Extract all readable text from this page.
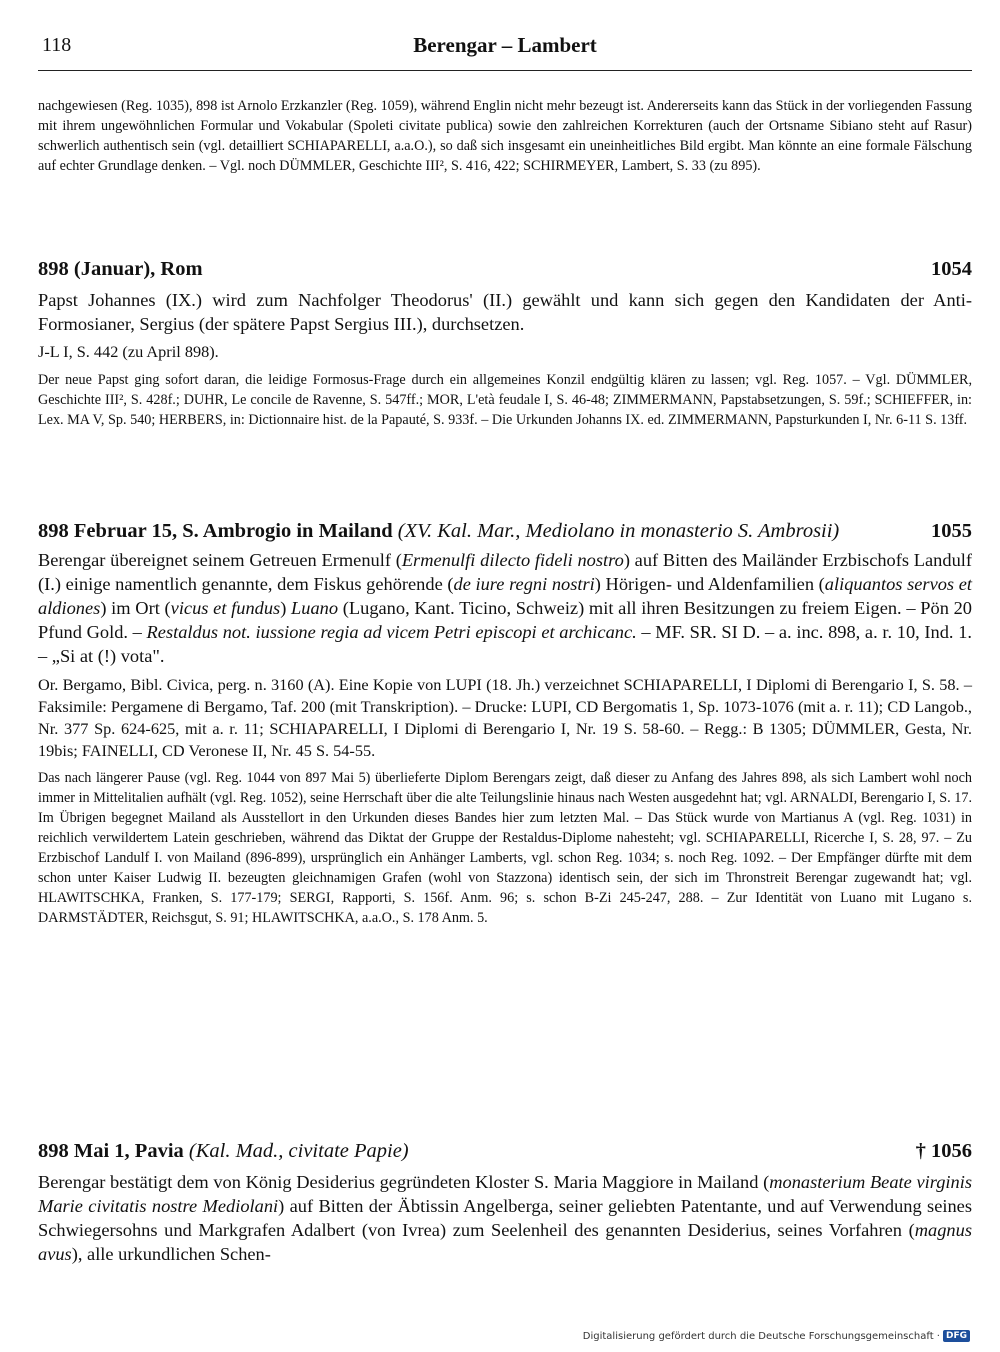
118	Berengar – Lambert

nachgewiesen (Reg. 1035), 898 ist Arnolo Erzkanzler (Reg. 1059), während Englin nicht mehr bezeugt ist. Andererseits kann das Stück in der vorliegenden Fassung mit ihrem ungewöhnlichen Formular und Vokabular (Spoleti civitate publica) sowie den zahlreichen Korrekturen (auch der Ortsname Sibiano steht auf Rasur) schwerlich authentisch sein (vgl. detailliert SCHIAPARELLI, a.a.O.), so daß sich insgesamt ein uneinheitliches Bild ergibt. Man könnte an eine formale Fälschung auf echter Grundlage denken. – Vgl. noch DÜMMLER, Geschichte III², S. 416, 422; SCHIRMEYER, Lambert, S. 33 (zu 895).

898 (Januar), Rom	1054

Papst Johannes (IX.) wird zum Nachfolger Theodorus' (II.) gewählt und kann sich gegen den Kandidaten der Anti-Formosianer, Sergius (der spätere Papst Sergius III.), durchsetzen.

J-L I, S. 442 (zu April 898).

Der neue Papst ging sofort daran, die leidige Formosus-Frage durch ein allgemeines Konzil endgültig klären zu lassen; vgl. Reg. 1057. – Vgl. DÜMMLER, Geschichte III², S. 428f.; DUHR, Le concile de Ravenne, S. 547ff.; MOR, L'età feudale I, S. 46-48; ZIMMERMANN, Papstabsetzungen, S. 59f.; SCHIEFFER, in: Lex. MA V, Sp. 540; HERBERS, in: Dictionnaire hist. de la Papauté, S. 933f. – Die Urkunden Johanns IX. ed. ZIMMERMANN, Papsturkunden I, Nr. 6-11 S. 13ff.

898 Februar 15, S. Ambrogio in Mailand (XV. Kal. Mar., Mediolano in monasterio S. Ambrosii)	1055

Berengar übereignet seinem Getreuen Ermenulf (Ermenulfi dilecto fideli nostro) auf Bitten des Mailänder Erzbischofs Landulf (I.) einige namentlich genannte, dem Fiskus gehörende (de iure regni nostri) Hörigen- und Aldenfamilien (aliquantos servos et aldiones) im Ort (vicus et fundus) Luano (Lugano, Kant. Ticino, Schweiz) mit all ihren Besitzungen zu freiem Eigen. – Pön 20 Pfund Gold. – Restaldus not. iussione regia ad vicem Petri episcopi et archicanc. – MF. SR. SI D. – a. inc. 898, a. r. 10, Ind. 1. – „Si at (!) vota".

Or. Bergamo, Bibl. Civica, perg. n. 3160 (A). Eine Kopie von LUPI (18. Jh.) verzeichnet SCHIAPARELLI, I Diplomi di Berengario I, S. 58. – Faksimile: Pergamene di Bergamo, Taf. 200 (mit Transkription). – Drucke: LUPI, CD Bergomatis 1, Sp. 1073-1076 (mit a. r. 11); CD Langob., Nr. 377 Sp. 624-625, mit a. r. 11; SCHIAPARELLI, I Diplomi di Berengario I, Nr. 19 S. 58-60. – Regg.: B 1305; DÜMMLER, Gesta, Nr. 19bis; FAINELLI, CD Veronese II, Nr. 45 S. 54-55.

Das nach längerer Pause (vgl. Reg. 1044 von 897 Mai 5) überlieferte Diplom Berengars zeigt, daß dieser zu Anfang des Jahres 898, als sich Lambert wohl noch immer in Mittelitalien aufhält (vgl. Reg. 1052), seine Herrschaft über die alte Teilungslinie hinaus nach Westen ausgedehnt hat; vgl. ARNALDI, Berengario I, S. 17. Im Übrigen begegnet Mailand als Ausstellort in den Urkunden dieses Bandes hier zum letzten Mal. – Das Stück wurde von Martianus A (vgl. Reg. 1031) in reichlich verwildertem Latein geschrieben, während das Diktat der Gruppe der Restaldus-Diplome nahesteht; vgl. SCHIAPARELLI, Ricerche I, S. 28, 97. – Zu Erzbischof Landulf I. von Mailand (896-899), ursprünglich ein Anhänger Lamberts, vgl. schon Reg. 1034; s. noch Reg. 1092. – Der Empfänger dürfte mit dem schon unter Kaiser Ludwig II. bezeugten gleichnamigen Grafen (wohl von Stazzona) identisch sein, der sich im Thronstreit Berengar zugewandt hat; vgl. HLAWITSCHKA, Franken, S. 177-179; SERGI, Rapporti, S. 156f. Anm. 96; s. schon B-Zi 245-247, 288. – Zur Identität von Luano mit Lugano s. DARMSTÄDTER, Reichsgut, S. 91; HLAWITSCHKA, a.a.O., S. 178 Anm. 5.

898 Mai 1, Pavia (Kal. Mad., civitate Papie)	† 1056

Berengar bestätigt dem von König Desiderius gegründeten Kloster S. Maria Maggiore in Mailand (monasterium Beate virginis Marie civitatis nostre Mediolani) auf Bitten der Äbtissin Angelberga, seiner geliebten Patentante, und auf Verwendung seines Schwiegersohns und Markgrafen Adalbert (von Ivrea) zum Seelenheil des genannten Desiderius, seines Vorfahren (magnus avus), alle urkundlichen Schen-

Digitalisierung gefördert durch die Deutsche Forschungsgemeinschaft · DFG
